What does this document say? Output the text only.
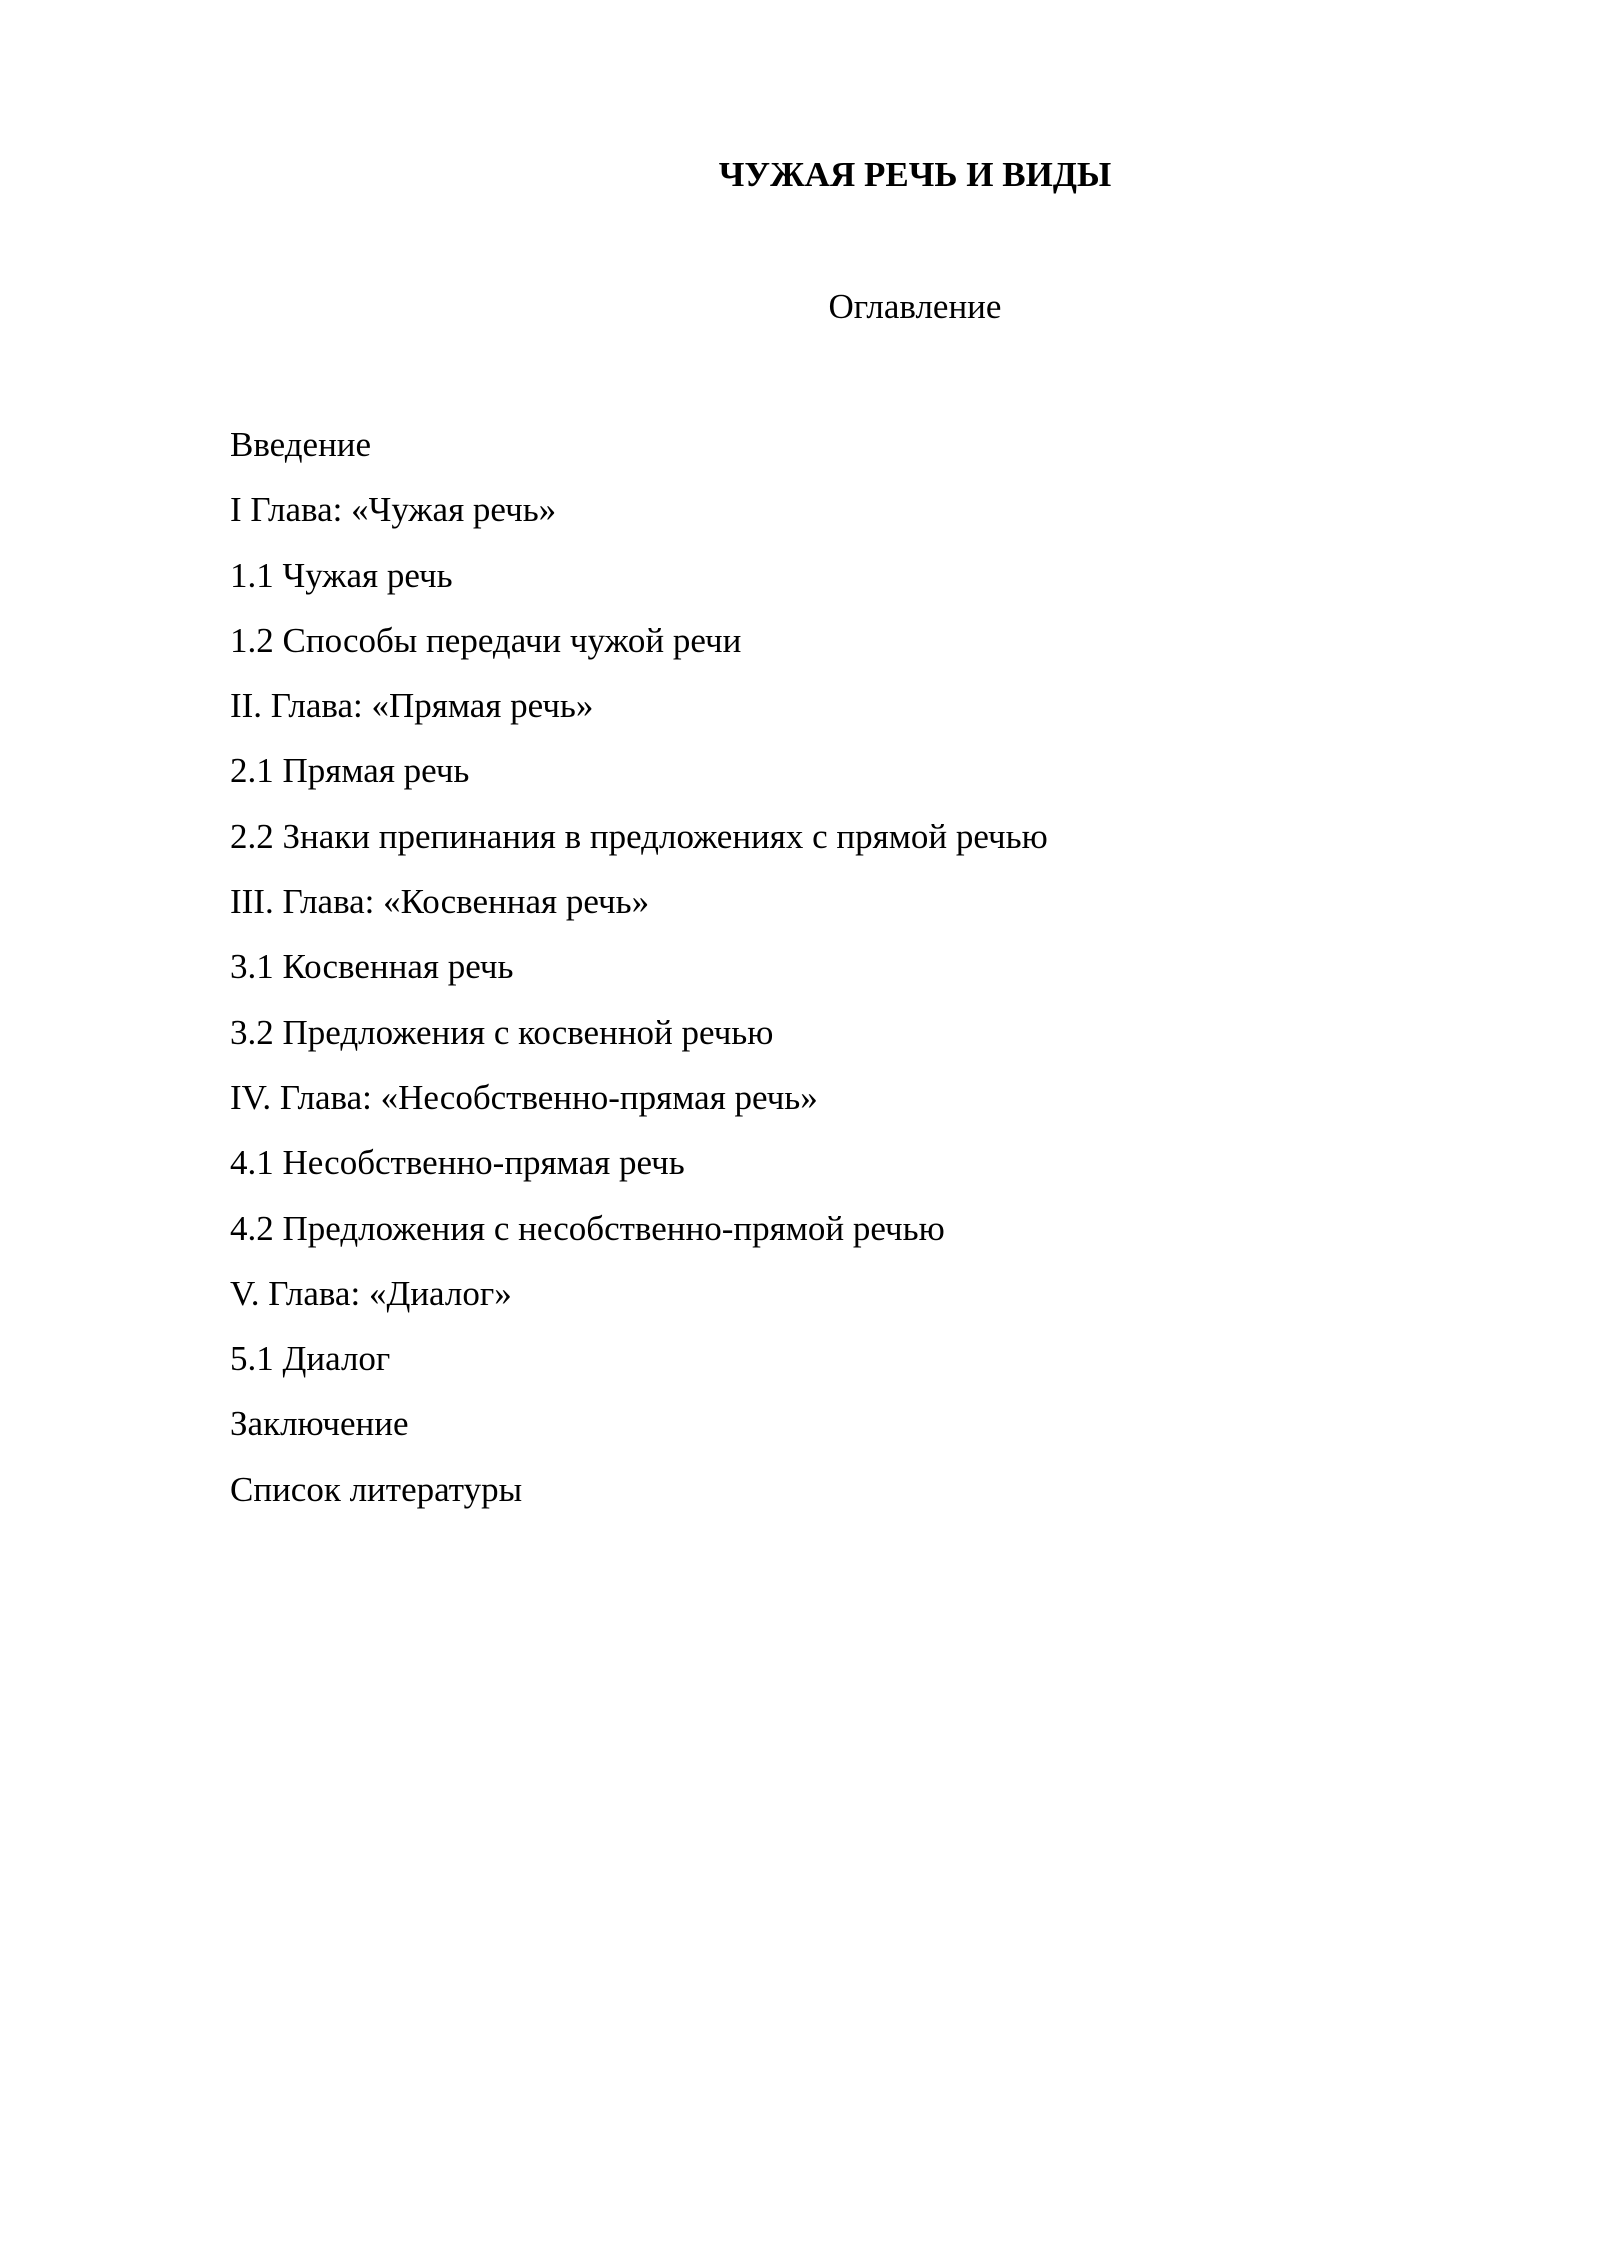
ЧУЖАЯ РЕЧЬ И ВИДЫ
Оглавление
Введение
I Глава: «Чужая речь»
1.1 Чужая речь
1.2 Способы передачи чужой речи
II. Глава: «Прямая речь»
2.1 Прямая речь
2.2 Знаки препинания в предложениях с прямой речью
III. Глава: «Косвенная речь»
3.1 Косвенная речь
3.2 Предложения с косвенной речью
IV. Глава: «Несобственно-прямая речь»
4.1 Несобственно-прямая речь
4.2 Предложения с несобственно-прямой речью
V. Глава: «Диалог»
5.1 Диалог
Заключение
Список литературы
